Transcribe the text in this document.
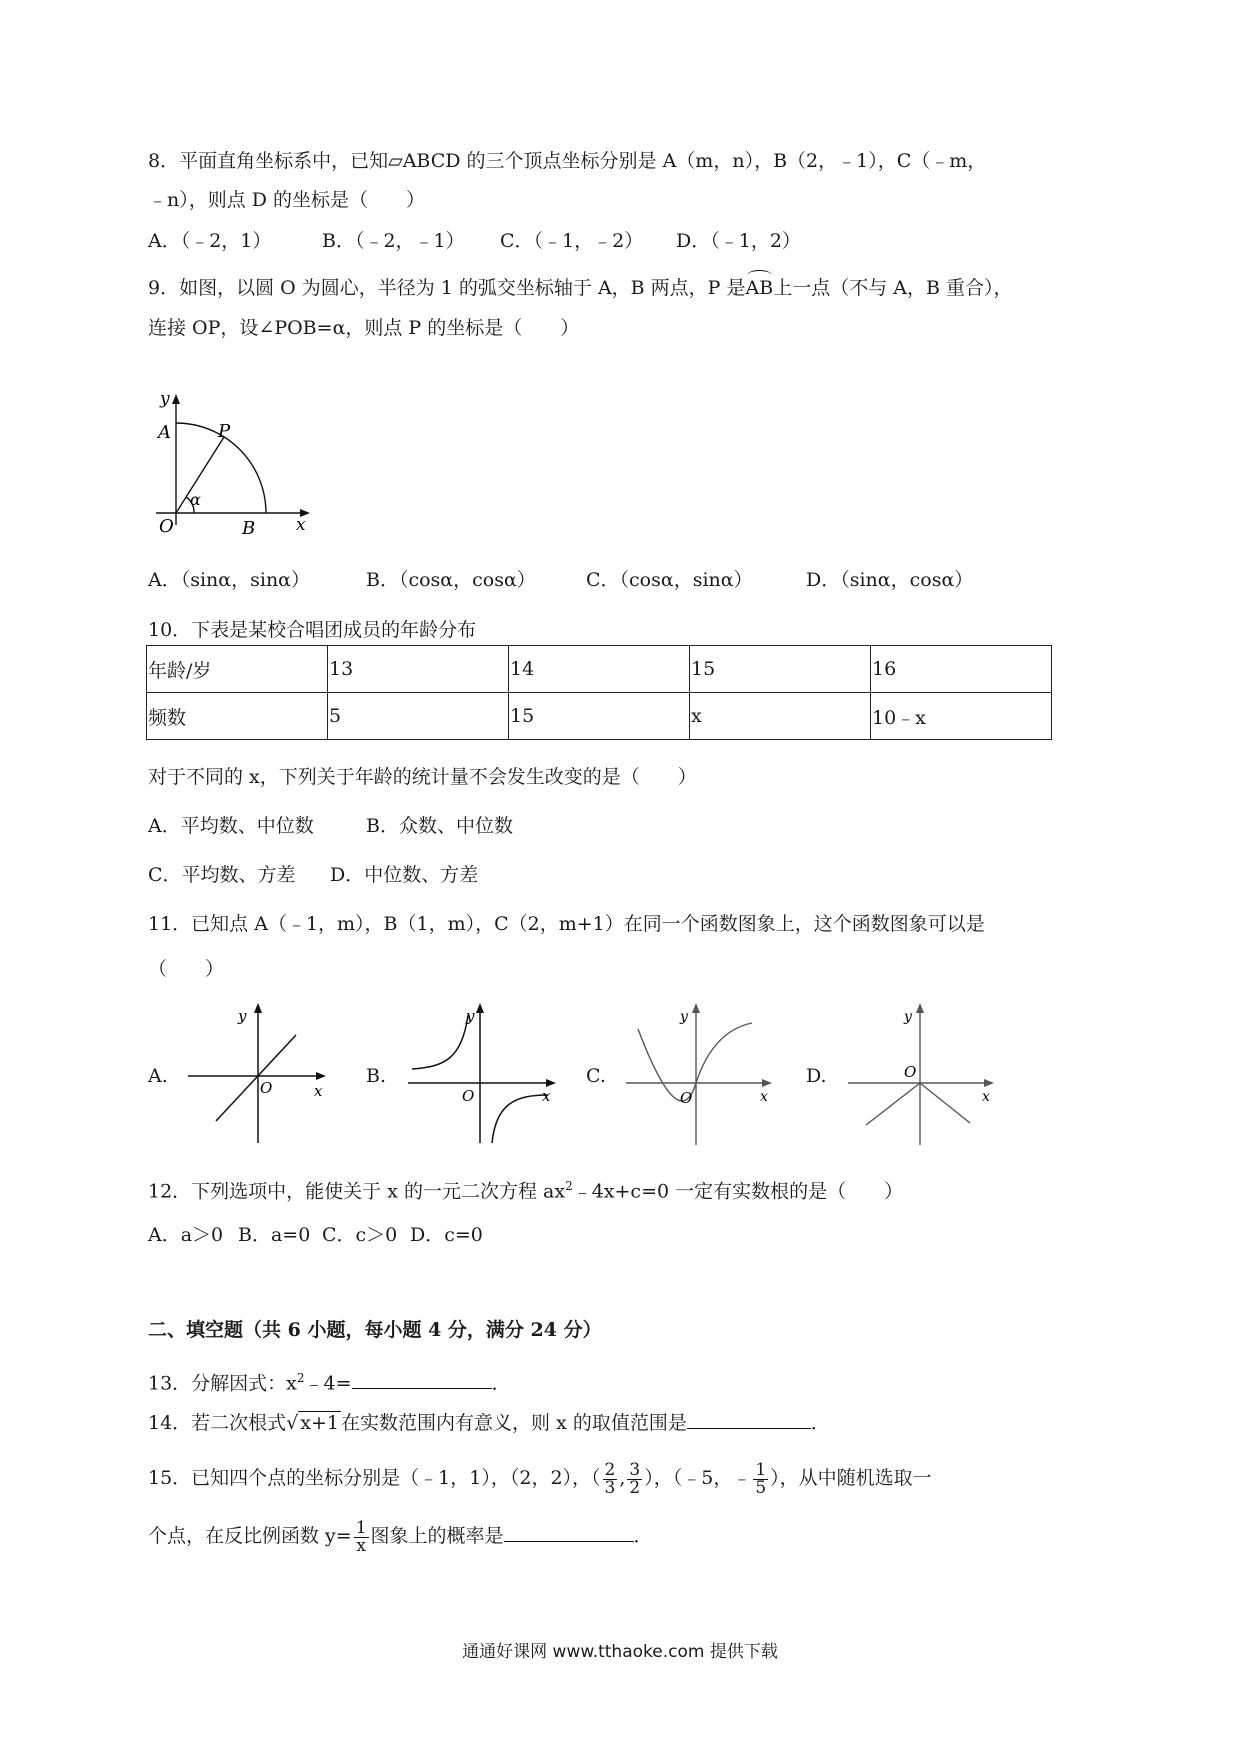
8．平面直角坐标系中，已知▱ABCD 的三个顶点坐标分别是 A（m，n），B（2，﹣1），C（﹣m，
﹣n），则点 D 的坐标是（　　）
A．（﹣2，1）	B．（﹣2，﹣1） C．（﹣1，﹣2） D．（﹣1，2）
9．如图，以圆 O 为圆心，半径为 1 的弧交坐标轴于 A，B 两点，P 是AB上一点（不与 A，B 重合），
连接 OP，设∠POB=α，则点 P 的坐标是（　　）
y
A	P
α
O	B x
A．（sinα，sinα）	B．（cosα，cosα）	C．（cosα，sinα）	D．（sinα，cosα）
10．下表是某校合唱团成员的年龄分布
年龄/岁	13	14	15	16
频数	5	15	x	10﹣x
对于不同的 x，下列关于年龄的统计量不会发生改变的是（　　）
A．平均数、中位数	B．众数、中位数
C．平均数、方差 D．中位数、方差
11．已知点 A（﹣1，m），B（1，m），C（2，m+1）在同一个函数图象上，这个函数图象可以是
（　　）
A.
y
O	x
B.
y
O	x
C.
y
O	x
D.
y
O
x
12．下列选项中，能使关于 x 的一元二次方程 $ax^2﹣4x+c=0$ 一定有实数根的是（　　）
A．a＞0 B．a=0 C．c＞0 D．c=0
二、填空题（共 6 小题，每小题 4 分，满分 24 分）
13．分解因式：$x^2﹣4=$	．
14．若二次根式√ x+1 在实数范围内有意义，则 x 的取值范围是	．
15．已知四个点的坐标分别是（﹣1，1），（2，2），（ $\frac{2}{3}$ , $\frac{3}{2}$ ），（﹣5，﹣ $\frac{1}{5}$ ），从中随机选取一
个点，在反比例函数 $y= \frac{1}{x}$ 图象上的概率是	．
通通好课网 www.tthaoke.com 提供下载
